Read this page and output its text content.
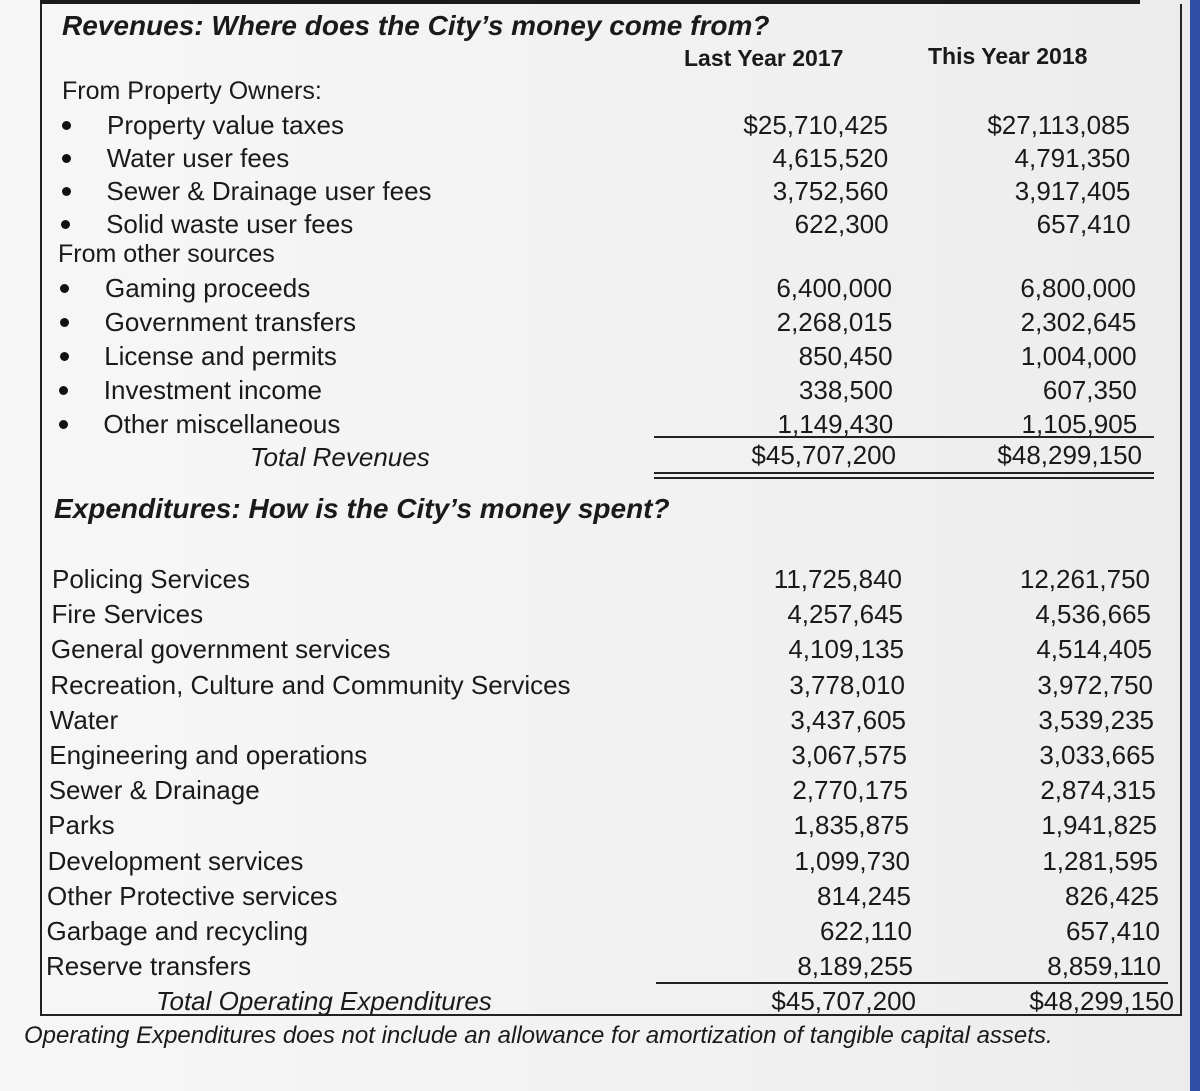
Revenues: Where does the City’s money come from?
Last Year 2017	This Year 2018
From Property Owners:
Property value taxes	$25,710,425	$27,113,085
Water user fees	4,615,520	4,791,350
Sewer & Drainage user fees	3,752,560	3,917,405
Solid waste user fees	622,300	657,410
From other sources
Gaming proceeds	6,400,000	6,800,000
Government transfers	2,268,015	2,302,645
License and permits	850,450	1,004,000
Investment income	338,500	607,350
Other miscellaneous	1,149,430	1,105,905
Total Revenues	$45,707,200	$48,299,150
Expenditures: How is the City’s money spent?
Policing Services	11,725,840	12,261,750
Fire Services	4,257,645	4,536,665
General government services	4,109,135	4,514,405
Recreation, Culture and Community Services	3,778,010	3,972,750
Water	3,437,605	3,539,235
Engineering and operations	3,067,575	3,033,665
Sewer & Drainage	2,770,175	2,874,315
Parks	1,835,875	1,941,825
Development services	1,099,730	1,281,595
Other Protective services	814,245	826,425
Garbage and recycling	622,110	657,410
Reserve transfers	8,189,255	8,859,110
Total Operating Expenditures	$45,707,200	$48,299,150
Operating Expenditures does not include an allowance for amortization of tangible capital assets.
